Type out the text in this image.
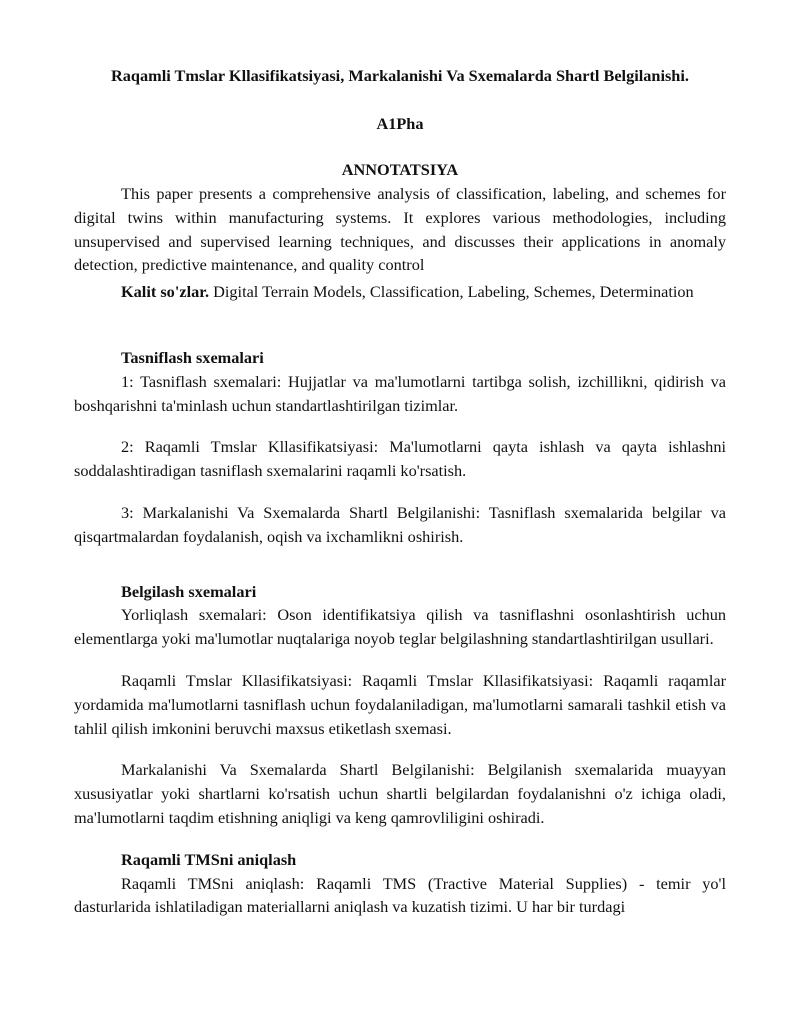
Raqamli Tmslar Kllasifikatsiyasi, Markalanishi Va Sxemalarda Shartl Belgilanishi.
A1Pha
ANNOTATSIYA

This paper presents a comprehensive analysis of classification, labeling, and schemes for digital twins within manufacturing systems. It explores various methodologies, including unsupervised and supervised learning techniques, and discusses their applications in anomaly detection, predictive maintenance, and quality control

Kalit so'zlar. Digital Terrain Models, Classification, Labeling, Schemes, Determination

Tasniflash sxemalari

1: Tasniflash sxemalari: Hujjatlar va ma'lumotlarni tartibga solish, izchillikni, qidirish va boshqarishni ta'minlash uchun standartlashtirilgan tizimlar.

2: Raqamli Tmslar Kllasifikatsiyasi: Ma'lumotlarni qayta ishlash va qayta ishlashni soddalashtiradigan tasniflash sxemalarini raqamli ko'rsatish.

3: Markalanishi Va Sxemalarda Shartl Belgilanishi: Tasniflash sxemalarida belgilar va qisqartmalardan foydalanish, oqish va ixchamlikni oshirish.

Belgilash sxemalari

Yorliqlash sxemalari: Oson identifikatsiya qilish va tasniflashni osonlashtirish uchun elementlarga yoki ma'lumotlar nuqtalariga noyob teglar belgilashning standartlashtirilgan usullari.

Raqamli Tmslar Kllasifikatsiyasi: Raqamli Tmslar Kllasifikatsiyasi: Raqamli raqamlar yordamida ma'lumotlarni tasniflash uchun foydalaniladigan, ma'lumotlarni samarali tashkil etish va tahlil qilish imkonini beruvchi maxsus etiketlash sxemasi.

Markalanishi Va Sxemalarda Shartl Belgilanishi: Belgilanish sxemalarida muayyan xususiyatlar yoki shartlarni ko'rsatish uchun shartli belgilardan foydalanishni o'z ichiga oladi, ma'lumotlarni taqdim etishning aniqligi va keng qamrovliligini oshiradi.

Raqamli TMSni aniqlash

Raqamli TMSni aniqlash: Raqamli TMS (Tractive Material Supplies) - temir yo'l dasturlarida ishlatiladigan materiallarni aniqlash va kuzatish tizimi. U har bir turdagi
